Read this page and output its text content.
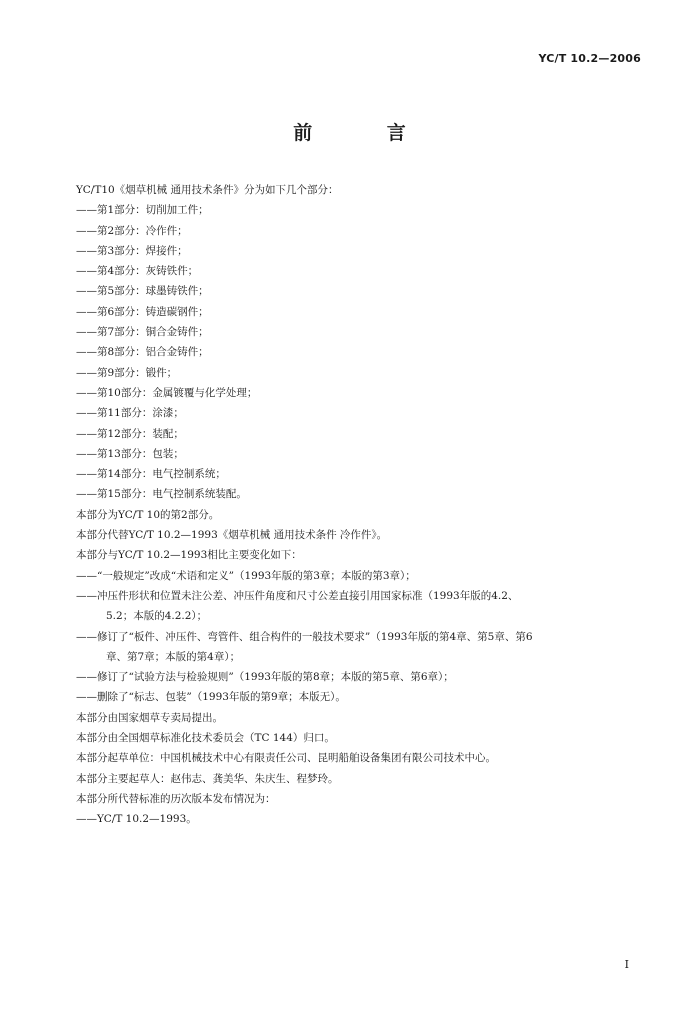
YC/T 10.2—2006
前 言

YC/T10《烟草机械 通用技术条件》分为如下几个部分：

——第1部分：切削加工件；

——第2部分：冷作件；

——第3部分：焊接件；

——第4部分：灰铸铁件；

——第5部分：球墨铸铁件；

——第6部分：铸造碳钢件；

——第7部分：铜合金铸件；

——第8部分：铝合金铸件；

——第9部分：锻件；

——第10部分：金属镀覆与化学处理；

——第11部分：涂漆；

——第12部分：装配；

——第13部分：包装；

——第14部分：电气控制系统；

——第15部分：电气控制系统装配。

本部分为YC/T 10的第2部分。

本部分代替YC/T 10.2—1993《烟草机械 通用技术条件 冷作件》。

本部分与YC/T 10.2—1993相比主要变化如下：

——“一般规定”改成“术语和定义”（1993年版的第3章；本版的第3章）；

——冲压件形状和位置未注公差、冲压件角度和尺寸公差直接引用国家标准（1993年版的4.2、

5.2；本版的4.2.2）；

——修订了“板件、冲压件、弯管件、组合构件的一般技术要求”（1993年版的第4章、第5章、第6

章、第7章；本版的第4章）；

——修订了“试验方法与检验规则”（1993年版的第8章；本版的第5章、第6章）；

——删除了“标志、包装”（1993年版的第9章；本版无）。

本部分由国家烟草专卖局提出。

本部分由全国烟草标准化技术委员会（TC 144）归口。

本部分起草单位：中国机械技术中心有限责任公司、昆明船舶设备集团有限公司技术中心。

本部分主要起草人：赵伟志、龚美华、朱庆生、程梦玲。

本部分所代替标准的历次版本发布情况为：

——YC/T 10.2—1993。

I
